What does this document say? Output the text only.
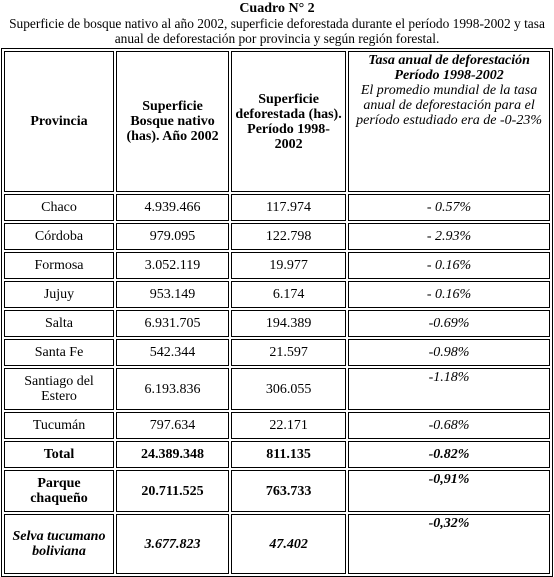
Cuadro N° 2
Superficie de bosque nativo al año 2002, superficie deforestada durante el período 1998-2002 y tasa anual de deforestación por provincia y según región forestal.
Provincia	Superficie Bosque nativo (has). Año 2002	Superficie deforestada (has). Período 1998-2002	Tasa anual de deforestación Período 1998-2002
El promedio mundial de la tasa anual de deforestación para el período estudiado era de -0-23%

Chaco	4.939.466	117.974	- 0.57%
Córdoba	979.095	122.798	- 2.93%
Formosa	3.052.119	19.977	- 0.16%
Jujuy	953.149	6.174	- 0.16%
Salta	6.931.705	194.389	-0.69%
Santa Fe	542.344	21.597	-0.98%
Santiago del Estero	6.193.836	306.055	-1.18%
Tucumán	797.634	22.171	-0.68%
Total	24.389.348	811.135	-0.82%
Parque chaqueño	20.711.525	763.733	-0,91%
Selva tucumano boliviana	3.677.823	47.402	-0,32%
